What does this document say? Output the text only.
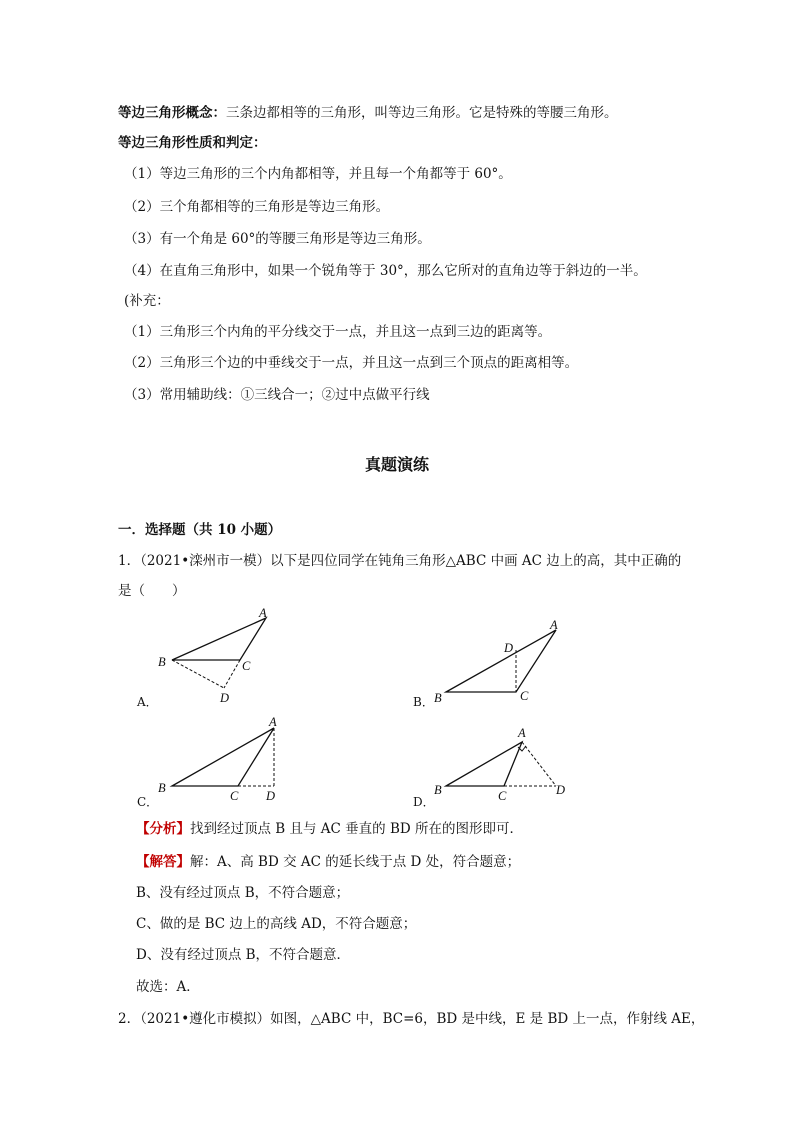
等边三角形概念：三条边都相等的三角形，叫等边三角形。它是特殊的等腰三角形。
等边三角形性质和判定：
（1）等边三角形的三个内角都相等，并且每一个角都等于 60°。
（2）三个角都相等的三角形是等边三角形。
（3）有一个角是 60°的等腰三角形是等边三角形。
（4）在直角三角形中，如果一个锐角等于 30°，那么它所对的直角边等于斜边的一半。
(补充：
（1）三角形三个内角的平分线交于一点，并且这一点到三边的距离等。
（2）三角形三个边的中垂线交于一点，并且这一点到三个顶点的距离相等。
（3）常用辅助线：①三线合一；②过中点做平行线
真题演练
一．选择题（共 10 小题）
1．（2021•滦州市一模）以下是四位同学在钝角三角形△ABC 中画 AC 边上的高，其中正确的
是（　　）
A．	B．
C．	D．
A
B	C
D
A
D
B	C
A
B
C D
A
B	C	D
【分析】找到经过顶点 B 且与 AC 垂直的 BD 所在的图形即可．
【解答】解：A、高 BD 交 AC 的延长线于点 D 处，符合题意；
B、没有经过顶点 B，不符合题意；
C、做的是 BC 边上的高线 AD，不符合题意；
D、没有经过顶点 B，不符合题意．
故选：A．
2．（2021•遵化市模拟）如图，△ABC 中，BC=6，BD 是中线，E 是 BD 上一点，作射线 AE，
